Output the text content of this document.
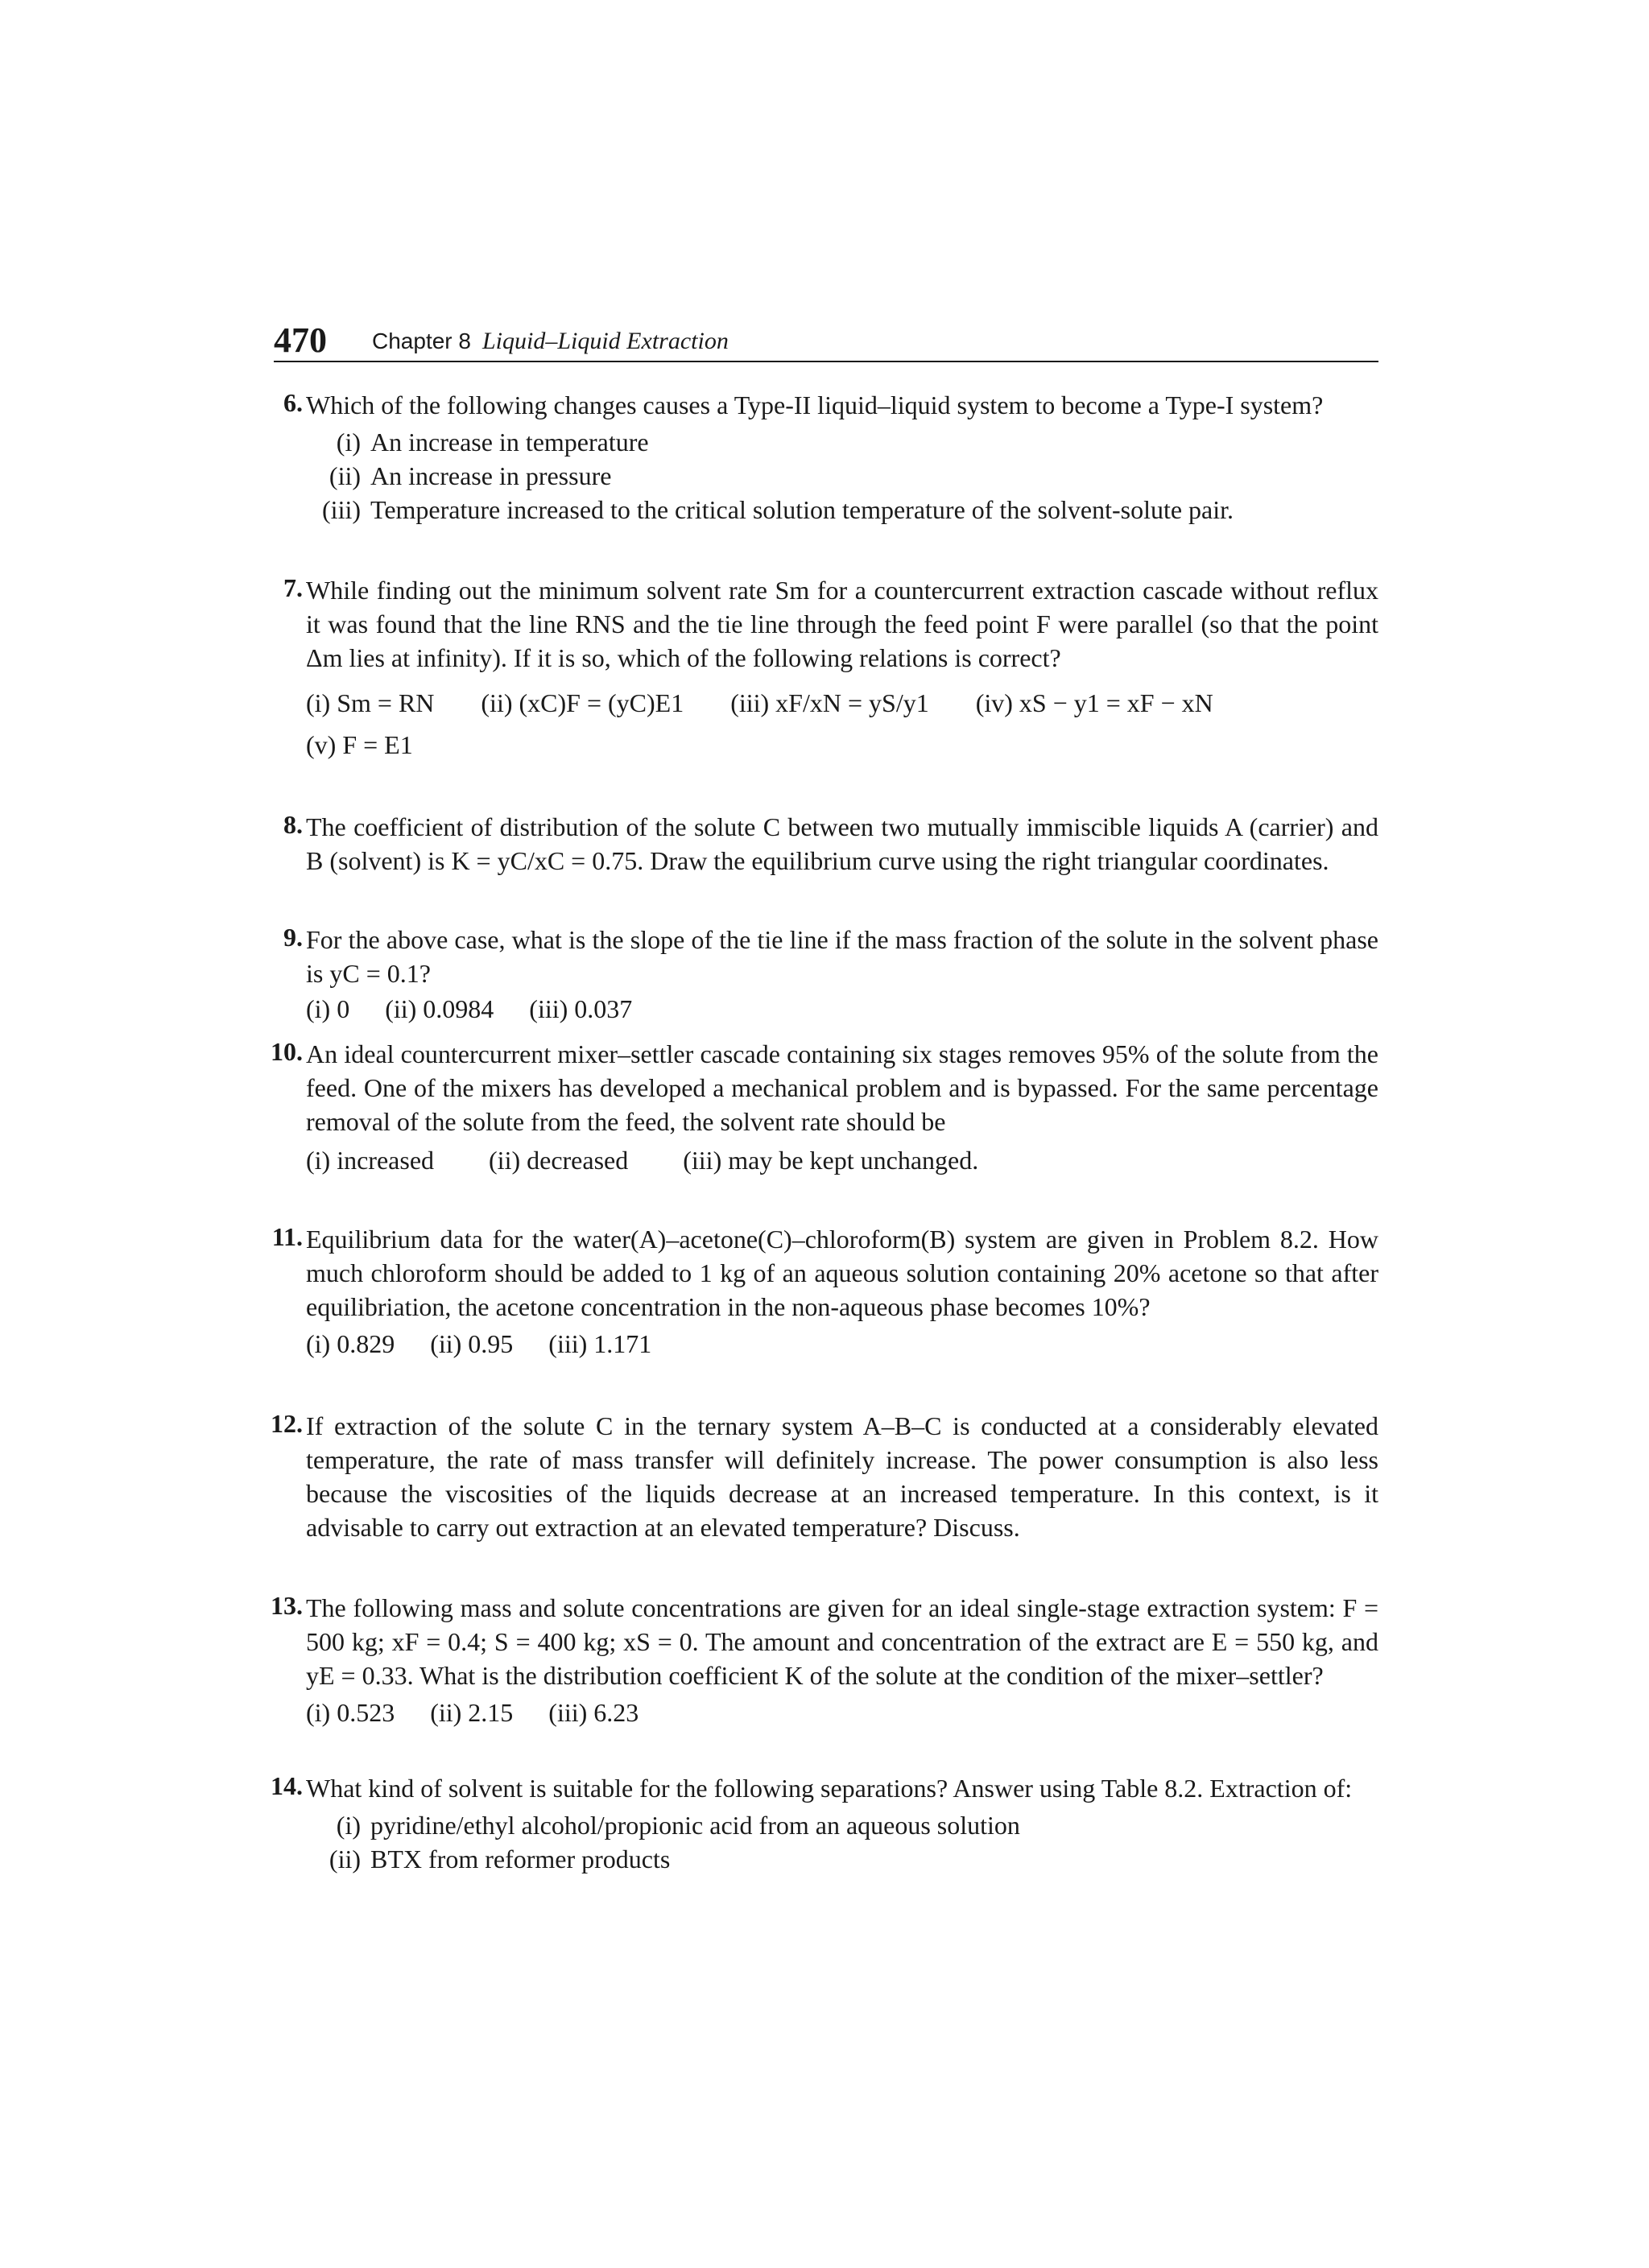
470 Chapter 8 Liquid–Liquid Extraction
6. Which of the following changes causes a Type-II liquid–liquid system to become a Type-I system?
(i) An increase in temperature
(ii) An increase in pressure
(iii) Temperature increased to the critical solution temperature of the solvent-solute pair.
7. While finding out the minimum solvent rate Sm for a countercurrent extraction cascade without reflux it was found that the line RNS and the tie line through the feed point F were parallel (so that the point Δm lies at infinity). If it is so, which of the following relations is correct?
(i) Sm = RN (ii) (xC)F = (yC)E1 (iii) xF/xN = yS/y1 (iv) xS − y1 = xF − xN
(v) F = E1
8. The coefficient of distribution of the solute C between two mutually immiscible liquids A (carrier) and B (solvent) is K = yC/xC = 0.75. Draw the equilibrium curve using the right triangular coordinates.
9. For the above case, what is the slope of the tie line if the mass fraction of the solute in the solvent phase is yC = 0.1?
(i) 0 (ii) 0.0984 (iii) 0.037
10. An ideal countercurrent mixer–settler cascade containing six stages removes 95% of the solute from the feed. One of the mixers has developed a mechanical problem and is bypassed. For the same percentage removal of the solute from the feed, the solvent rate should be
(i) increased (ii) decreased (iii) may be kept unchanged.
11. Equilibrium data for the water(A)–acetone(C)–chloroform(B) system are given in Problem 8.2. How much chloroform should be added to 1 kg of an aqueous solution containing 20% acetone so that after equilibriation, the acetone concentration in the non-aqueous phase becomes 10%?
(i) 0.829 (ii) 0.95 (iii) 1.171
12. If extraction of the solute C in the ternary system A–B–C is conducted at a considerably elevated temperature, the rate of mass transfer will definitely increase. The power consumption is also less because the viscosities of the liquids decrease at an increased temperature. In this context, is it advisable to carry out extraction at an elevated temperature? Discuss.
13. The following mass and solute concentrations are given for an ideal single-stage extraction system: F = 500 kg; xF = 0.4; S = 400 kg; xS = 0. The amount and concentration of the extract are E = 550 kg, and yE = 0.33. What is the distribution coefficient K of the solute at the condition of the mixer–settler?
(i) 0.523 (ii) 2.15 (iii) 6.23
14. What kind of solvent is suitable for the following separations? Answer using Table 8.2. Extraction of:
(i) pyridine/ethyl alcohol/propionic acid from an aqueous solution
(ii) BTX from reformer products
